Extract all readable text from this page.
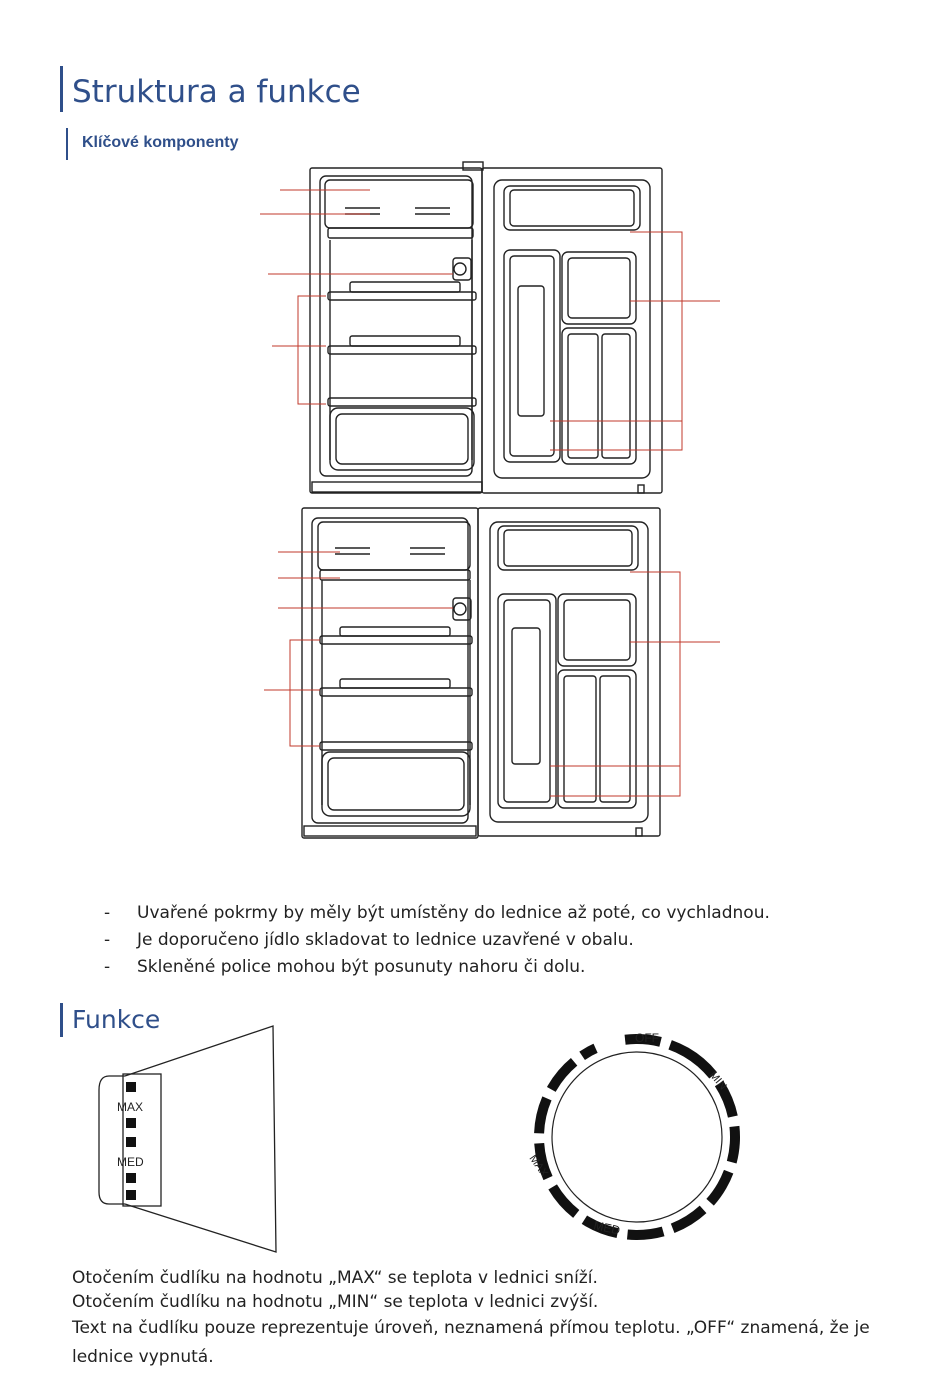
Struktura a funkce
Klíčové komponenty
-	Uvařené pokrmy by měly být umístěny do lednice až poté, co vychladnou.
-	Je doporučeno jídlo skladovat to lednice uzavřené v obalu.
-	Skleněné police mohou být posunuty nahoru či dolu.
Funkce
MAX
MED
OFF
MIN
MAX
MED

Otočením čudlíku na hodnotu „MAX“ se teplota v lednici sníží.

Otočením čudlíku na hodnotu „MIN“ se teplota v lednici zvýší.

Text na čudlíku pouze reprezentuje úroveň, neznamená přímou teplotu. „OFF“ znamená, že je lednice vypnutá.
